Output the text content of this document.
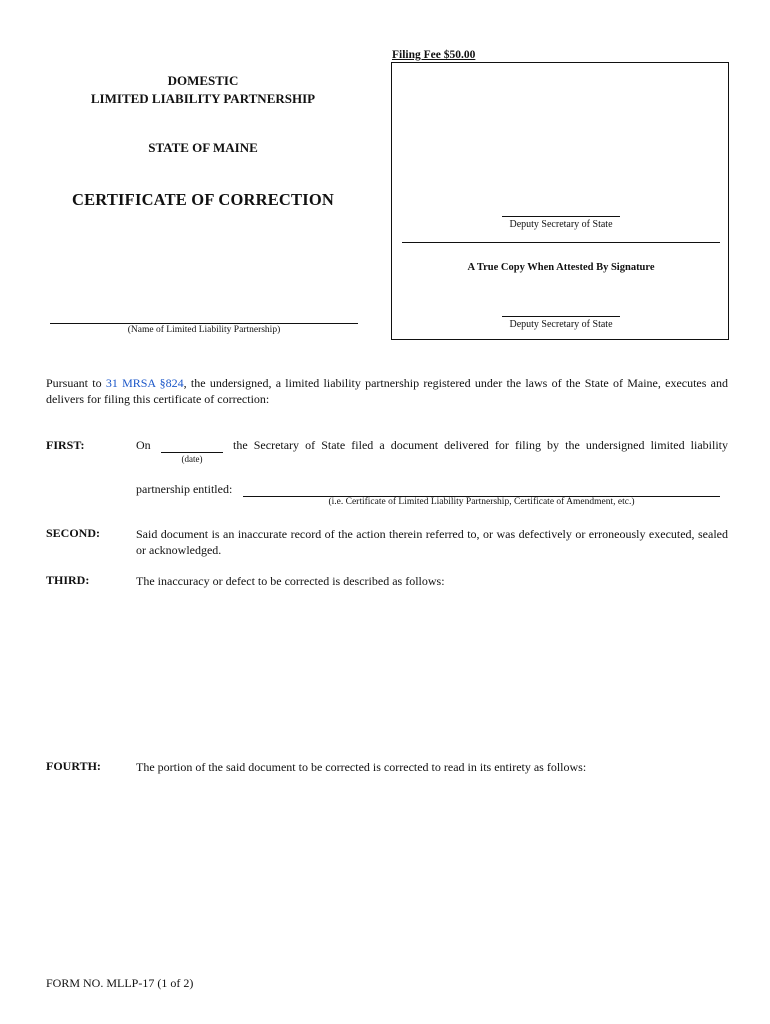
DOMESTIC
LIMITED LIABILITY PARTNERSHIP
STATE OF MAINE
CERTIFICATE OF CORRECTION
(Name of Limited Liability Partnership)
Filing Fee $50.00
Deputy Secretary of State
A True Copy When Attested By Signature
Deputy Secretary of State
Pursuant to 31 MRSA §824, the undersigned, a limited liability partnership registered under the laws of the State of Maine, executes and delivers for filing this certificate of correction:
FIRST:	On
(date)
the Secretary of State filed a document delivered for filing by the undersigned limited liability
partnership entitled:
(i.e. Certificate of Limited Liability Partnership, Certificate of Amendment, etc.)
SECOND:	Said document is an inaccurate record of the action therein referred to, or was defectively or erroneously executed, sealed or acknowledged.
THIRD:	The inaccuracy or defect to be corrected is described as follows:
FOURTH:	The portion of the said document to be corrected is corrected to read in its entirety as follows:
FORM NO. MLLP-17 (1 of 2)
